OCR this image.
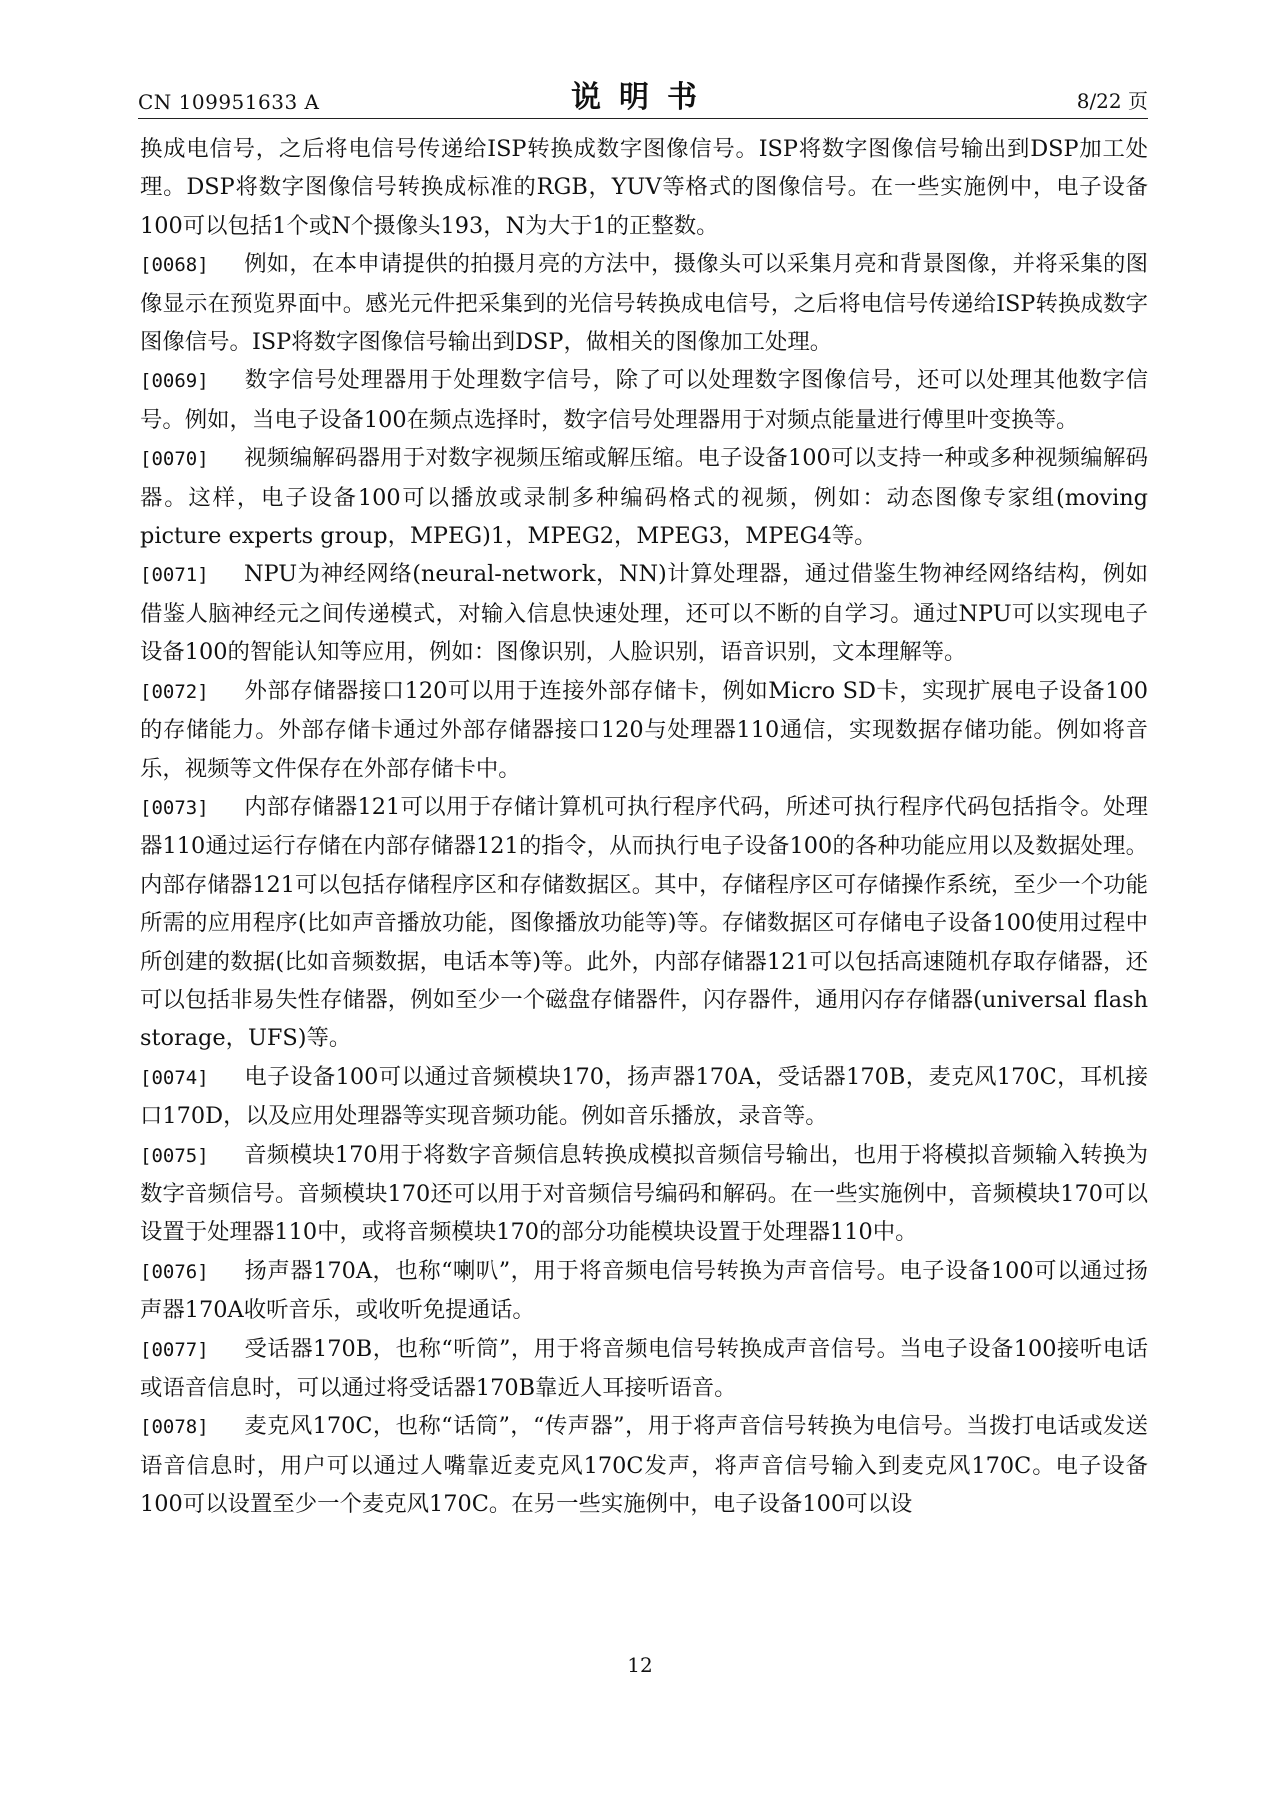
CN 109951633 A	说明书	8/22 页

换成电信号，之后将电信号传递给ISP转换成数字图像信号。ISP将数字图像信号输出到DSP加工处理。DSP将数字图像信号转换成标准的RGB，YUV等格式的图像信号。在一些实施例中，电子设备100可以包括1个或N个摄像头193，N为大于1的正整数。

[0068] 例如，在本申请提供的拍摄月亮的方法中，摄像头可以采集月亮和背景图像，并将采集的图像显示在预览界面中。感光元件把采集到的光信号转换成电信号，之后将电信号传递给ISP转换成数字图像信号。ISP将数字图像信号输出到DSP，做相关的图像加工处理。

[0069] 数字信号处理器用于处理数字信号，除了可以处理数字图像信号，还可以处理其他数字信号。例如，当电子设备100在频点选择时，数字信号处理器用于对频点能量进行傅里叶变换等。

[0070] 视频编解码器用于对数字视频压缩或解压缩。电子设备100可以支持一种或多种视频编解码器。这样，电子设备100可以播放或录制多种编码格式的视频，例如：动态图像专家组(moving picture experts group，MPEG)1，MPEG2，MPEG3，MPEG4等。

[0071] NPU为神经网络(neural-network，NN)计算处理器，通过借鉴生物神经网络结构，例如借鉴人脑神经元之间传递模式，对输入信息快速处理，还可以不断的自学习。通过NPU可以实现电子设备100的智能认知等应用，例如：图像识别，人脸识别，语音识别，文本理解等。

[0072] 外部存储器接口120可以用于连接外部存储卡，例如Micro SD卡，实现扩展电子设备100的存储能力。外部存储卡通过外部存储器接口120与处理器110通信，实现数据存储功能。例如将音乐，视频等文件保存在外部存储卡中。

[0073] 内部存储器121可以用于存储计算机可执行程序代码，所述可执行程序代码包括指令。处理器110通过运行存储在内部存储器121的指令，从而执行电子设备100的各种功能应用以及数据处理。内部存储器121可以包括存储程序区和存储数据区。其中，存储程序区可存储操作系统，至少一个功能所需的应用程序(比如声音播放功能，图像播放功能等)等。存储数据区可存储电子设备100使用过程中所创建的数据(比如音频数据，电话本等)等。此外，内部存储器121可以包括高速随机存取存储器，还可以包括非易失性存储器，例如至少一个磁盘存储器件，闪存器件，通用闪存存储器(universal flash storage，UFS)等。

[0074] 电子设备100可以通过音频模块170，扬声器170A，受话器170B，麦克风170C，耳机接口170D，以及应用处理器等实现音频功能。例如音乐播放，录音等。

[0075] 音频模块170用于将数字音频信息转换成模拟音频信号输出，也用于将模拟音频输入转换为数字音频信号。音频模块170还可以用于对音频信号编码和解码。在一些实施例中，音频模块170可以设置于处理器110中，或将音频模块170的部分功能模块设置于处理器110中。

[0076] 扬声器170A，也称“喇叭”，用于将音频电信号转换为声音信号。电子设备100可以通过扬声器170A收听音乐，或收听免提通话。

[0077] 受话器170B，也称“听筒”，用于将音频电信号转换成声音信号。当电子设备100接听电话或语音信息时，可以通过将受话器170B靠近人耳接听语音。

[0078] 麦克风170C，也称“话筒”，“传声器”，用于将声音信号转换为电信号。当拨打电话或发送语音信息时，用户可以通过人嘴靠近麦克风170C发声，将声音信号输入到麦克风170C。电子设备100可以设置至少一个麦克风170C。在另一些实施例中，电子设备100可以设

12
